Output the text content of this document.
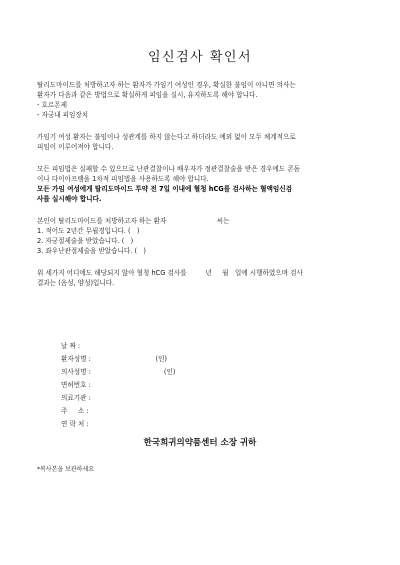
임신검사 확인서

탈리도마이드를 처방하고자 하는 환자가 가임기 여성인 경우, 확실한 불임이 아니면 의사는

환자가 다음과 같은 방법으로 확실하게 피임을 실시, 유지하도록 해야 합니다.

- 호르몬제

- 자궁내 피임장치

가임기 여성 환자는 불임이나 성관계를 하지 않는다고 하더라도 예외 없이 모두 체계적으로

피임이 이루어져야 합니다.

모든 피임법은 실패할 수 있으므로 난관결찰이나 배우자가 정관결찰술을 받은 경우에도 콘돔

이나 다이아프램을 1차적 피임법을 사용하도록 해야 합니다.

모든 가임 여성에게 탈리도마이드 투약 전 7일 이내에 혈청 hCG를 검사하는 혈액임신검

사를 실시해야 합니다.

본인이 탈리도마이드를 처방하고자 하는 환자                        씨는

1. 적어도 2년간 무월경입니다. (   )

2. 자궁절제술을 받았습니다. (   )

3. 좌우난관절제술을 받았습니다. (   )

위 세가지 어디에도 해당되지 않아 혈청 hCG 검사를         년     월   일에 시행하였으며 검사

결과는 (음성, 양성)입니다.

날 짜 :
환자성명 :                          (인)
의사성명 :                              (인)
면허번호 :
의료기관 :
주     소 :
연 락 처 :
한국희귀의약품센터 소장 귀하
*복사본을 보관하세요
